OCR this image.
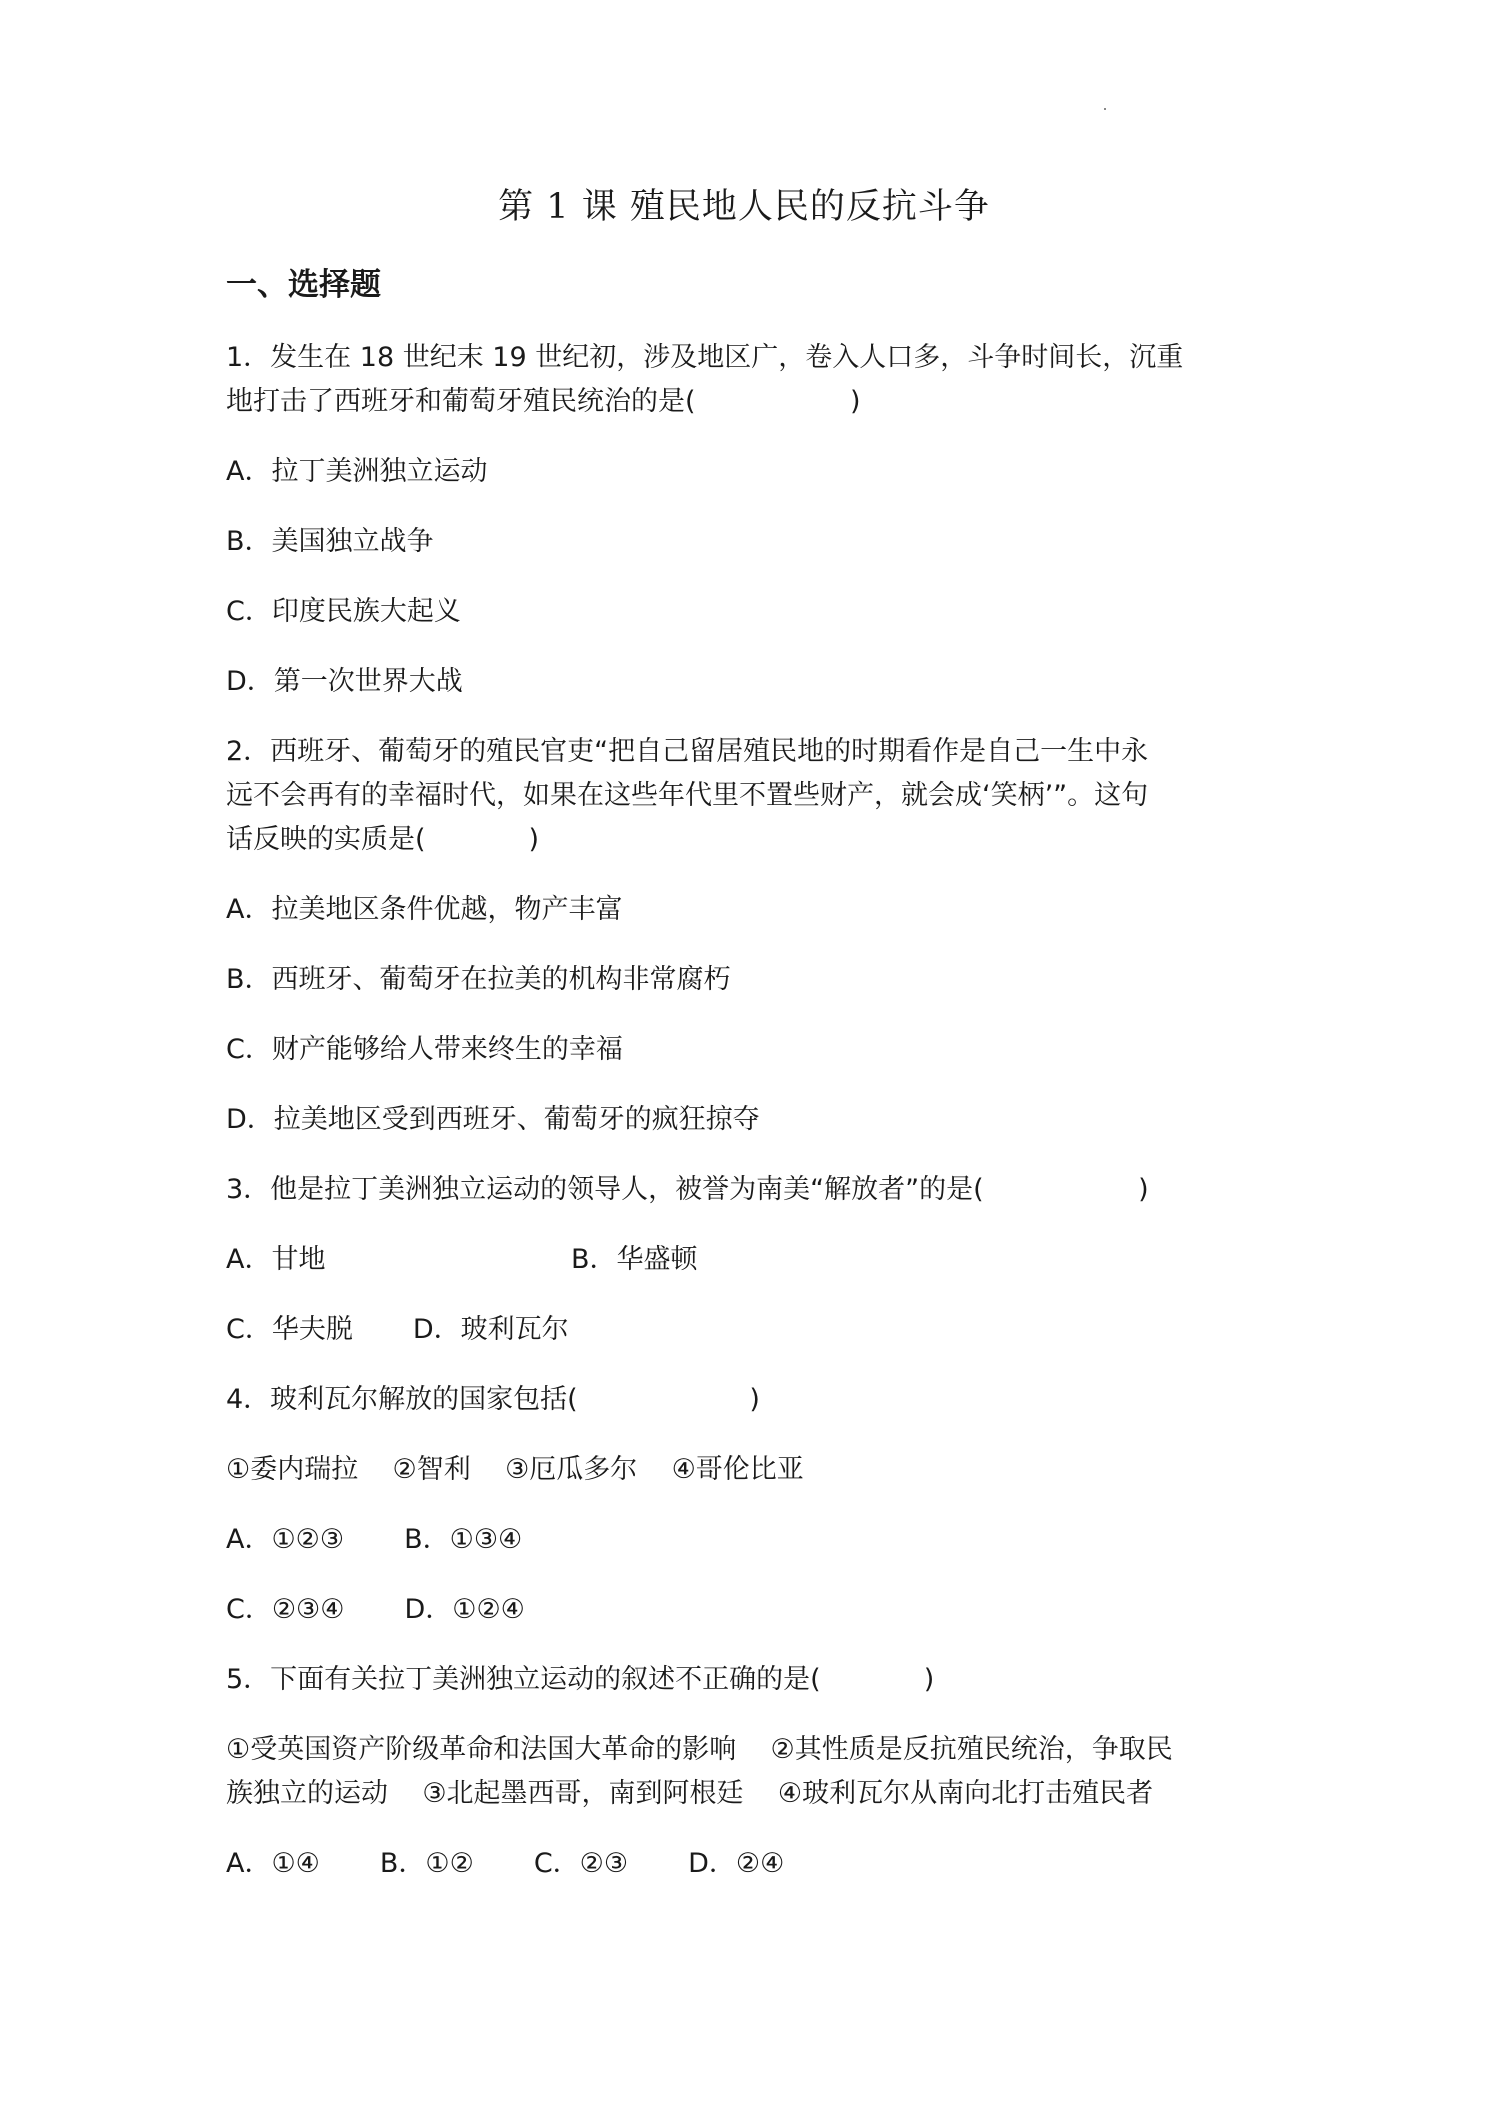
第 1 课 殖民地人民的反抗斗争
一、选择题
1．发生在 18 世纪末 19 世纪初，涉及地区广，卷入人口多，斗争时间长，沉重
地打击了西班牙和葡萄牙殖民统治的是(                  )
A．拉丁美洲独立运动
B．美国独立战争
C．印度民族大起义
D．第一次世界大战
2．西班牙、葡萄牙的殖民官吏“把自己留居殖民地的时期看作是自己一生中永
远不会再有的幸福时代，如果在这些年代里不置些财产，就会成‘笑柄’”。这句
话反映的实质是(            )
A．拉美地区条件优越，物产丰富
B．西班牙、葡萄牙在拉美的机构非常腐朽
C．财产能够给人带来终生的幸福
D．拉美地区受到西班牙、葡萄牙的疯狂掠夺
3．他是拉丁美洲独立运动的领导人，被誉为南美“解放者”的是(                  )
A．甘地	B．华盛顿
C．华夫脱 D．玻利瓦尔
4．玻利瓦尔解放的国家包括(                    )
①委内瑞拉    ②智利    ③厄瓜多尔    ④哥伦比亚
A．①②③ B．①③④
C．②③④ D．①②④
5．下面有关拉丁美洲独立运动的叙述不正确的是(            )
①受英国资产阶级革命和法国大革命的影响    ②其性质是反抗殖民统治，争取民
族独立的运动    ③北起墨西哥，南到阿根廷    ④玻利瓦尔从南向北打击殖民者
A．①④ B．①② C．②③ D．②④
